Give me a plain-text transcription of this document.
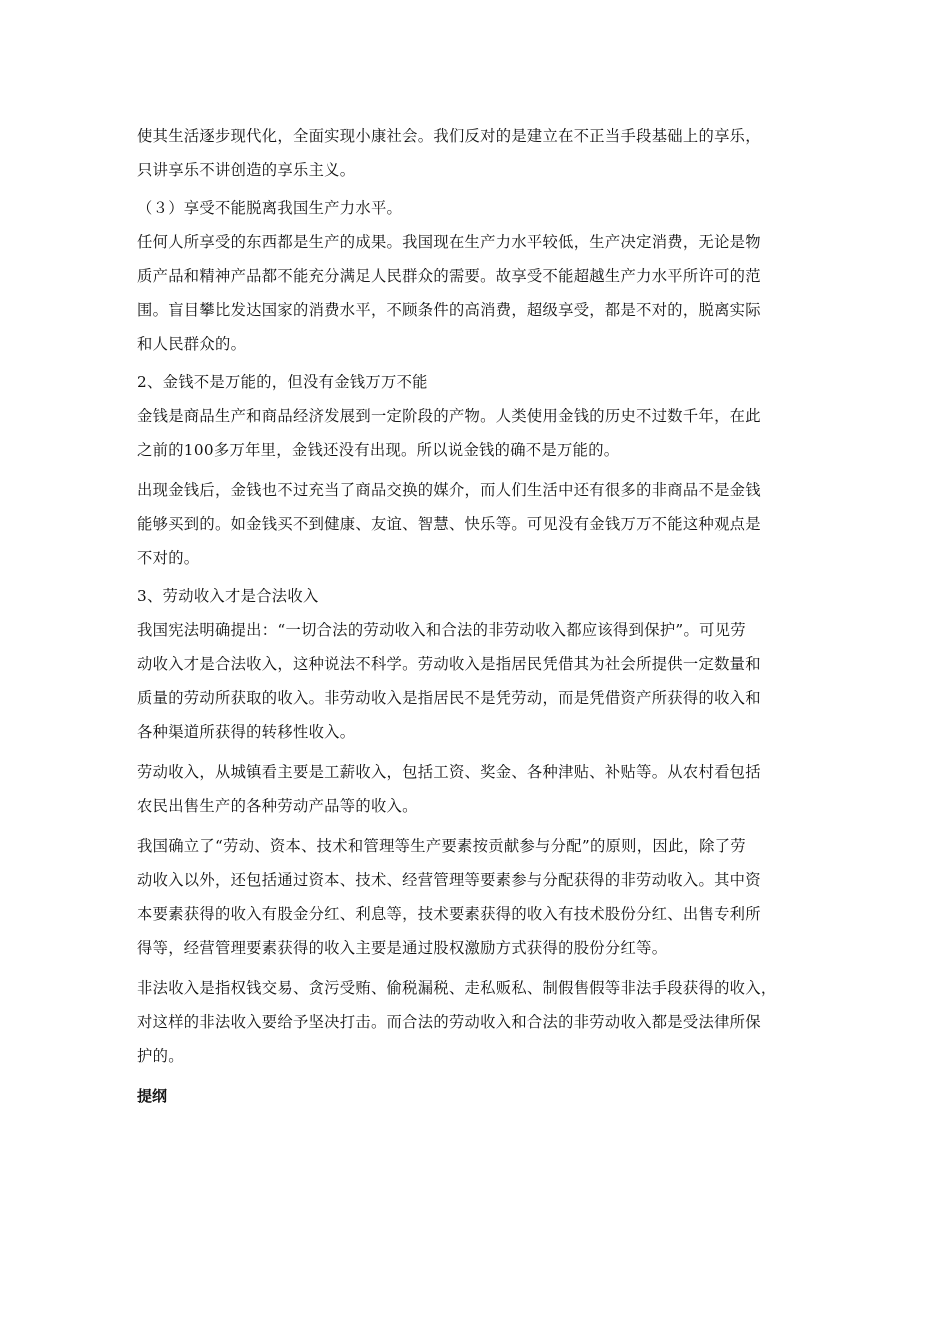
使其生活逐步现代化，全面实现小康社会。我们反对的是建立在不正当手段基础上的享乐，
只讲享乐不讲创造的享乐主义。
（３）享受不能脱离我国生产力水平。
任何人所享受的东西都是生产的成果。我国现在生产力水平较低，生产决定消费，无论是物
质产品和精神产品都不能充分满足人民群众的需要。故享受不能超越生产力水平所许可的范
围。盲目攀比发达国家的消费水平，不顾条件的高消费，超级享受，都是不对的，脱离实际
和人民群众的。
2、金钱不是万能的，但没有金钱万万不能
金钱是商品生产和商品经济发展到一定阶段的产物。人类使用金钱的历史不过数千年，在此
之前的100多万年里，金钱还没有出现。所以说金钱的确不是万能的。
出现金钱后，金钱也不过充当了商品交换的媒介，而人们生活中还有很多的非商品不是金钱
能够买到的。如金钱买不到健康、友谊、智慧、快乐等。可见没有金钱万万不能这种观点是
不对的。
3、劳动收入才是合法收入
我国宪法明确提出：“一切合法的劳动收入和合法的非劳动收入都应该得到保护”。可见劳
动收入才是合法收入，这种说法不科学。劳动收入是指居民凭借其为社会所提供一定数量和
质量的劳动所获取的收入。非劳动收入是指居民不是凭劳动，而是凭借资产所获得的收入和
各种渠道所获得的转移性收入。
劳动收入，从城镇看主要是工薪收入，包括工资、奖金、各种津贴、补贴等。从农村看包括
农民出售生产的各种劳动产品等的收入。
我国确立了“劳动、资本、技术和管理等生产要素按贡献参与分配”的原则，因此，除了劳
动收入以外，还包括通过资本、技术、经营管理等要素参与分配获得的非劳动收入。其中资
本要素获得的收入有股金分红、利息等，技术要素获得的收入有技术股份分红、出售专利所
得等，经营管理要素获得的收入主要是通过股权激励方式获得的股份分红等。
非法收入是指权钱交易、贪污受贿、偷税漏税、走私贩私、制假售假等非法手段获得的收入，
对这样的非法收入要给予坚决打击。而合法的劳动收入和合法的非劳动收入都是受法律所保
护的。
提纲
